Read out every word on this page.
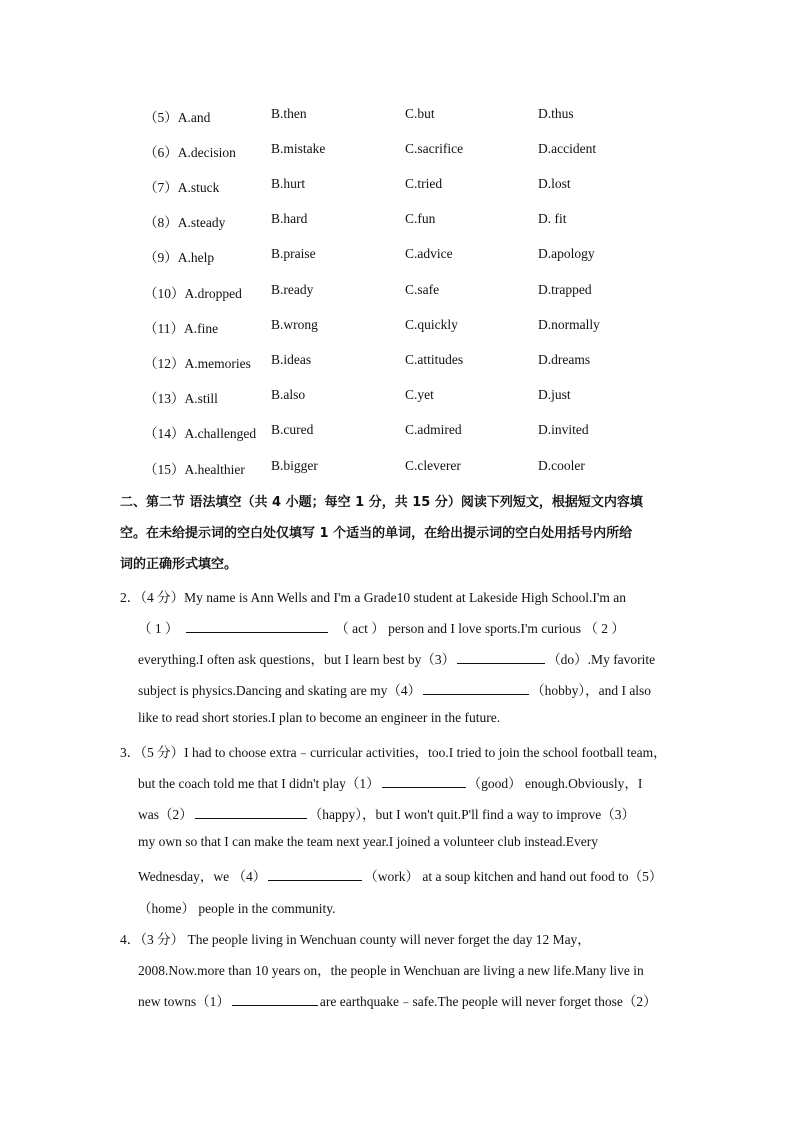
（5）A.and	B.then	C.but	D.thus
（6）A.decision	B.mistake	C.sacrifice	D.accident
（7）A.stuck	B.hurt	C.tried	D.lost
（8）A.steady	B.hard	C.fun	D. fit
（9）A.help	B.praise	C.advice	D.apology
（10）A.dropped B.ready	C.safe	D.trapped
（11）A.fine	B.wrong	C.quickly	D.normally
（12）A.memories B.ideas	C.attitudes	D.dreams
（13）A.still	B.also	C.yet	D.just
（14）A.challenged B.cured	C.admired	D.invited
（15）A.healthier B.bigger	C.cleverer	D.cooler
二、第二节 语法填空（共 4 小题；每空 1 分，共 15 分）阅读下列短文，根据短文内容填
空。在未给提示词的空白处仅填写 1 个适当的单词，在给出提示词的空白处用括号内所给
词的正确形式填空。
2．（4 分）My name is Ann Wells and I'm a Grade10 student at Lakeside High School.I'm an
（ 1 ）	（ act ） person and I love sports.I'm curious （ 2 ）
everything.I often ask questions，but I learn best by（3）	（do）.My favorite
subject is physics.Dancing and skating are my（4）	（hobby），and I also
like to read short stories.I plan to become an engineer in the future.
3．（5 分）I had to choose extra﹣curricular activities，too.I tried to join the school football team，
but the coach told me that I didn't play（1）	（good） enough.Obviously，I
was（2）	（happy），but I won't quit.P'll find a way to improve（3）
my own so that I can make the team next year.I joined a volunteer club instead.Every
Wednesday，we （4）	（work） at a soup kitchen and hand out food to（5）
（home） people in the community.
4．（3 分） The people living in Wenchuan county will never forget the day 12 May，
2008.Now.more than 10 years on，the people in Wenchuan are living a new life.Many live in
new towns（1）	are earthquake﹣safe.The people will never forget those（2）
